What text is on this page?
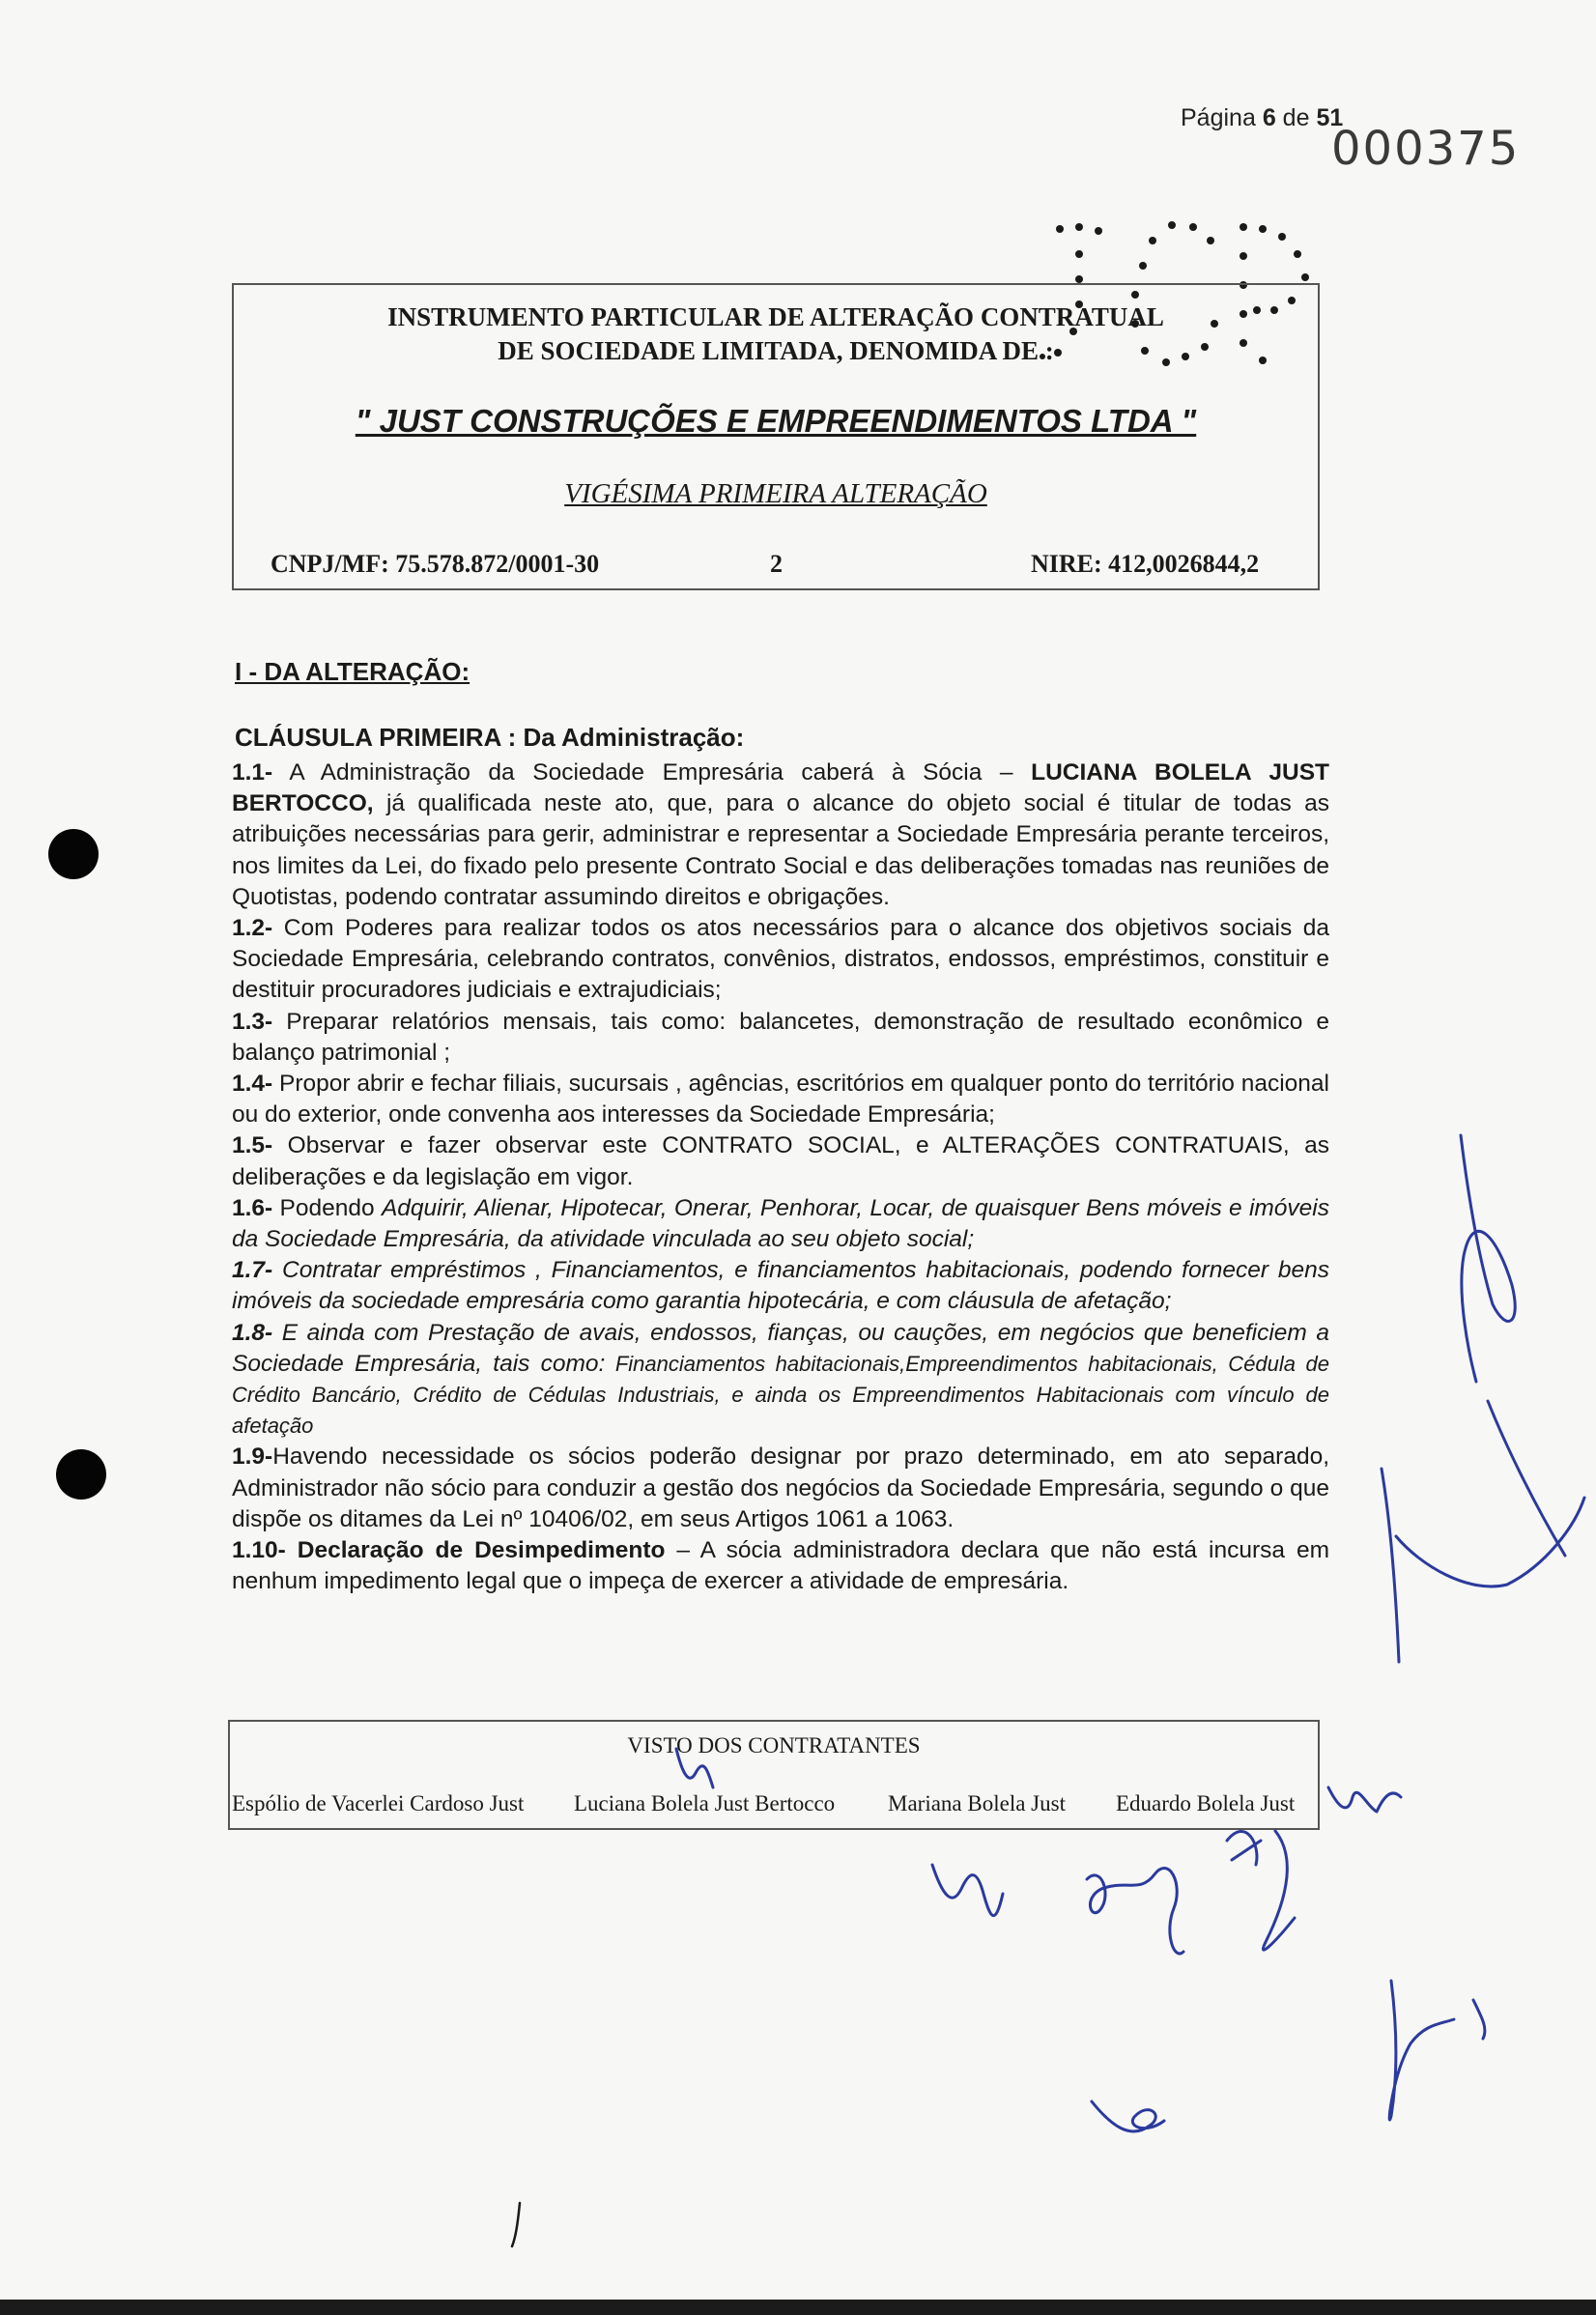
Página 6 de 51
000375
INSTRUMENTO PARTICULAR DE ALTERAÇÃO CONTRATUAL
DE SOCIEDADE LIMITADA, DENOMIDA DE :
" JUST CONSTRUÇÕES E EMPREENDIMENTOS LTDA "
VIGÉSIMA PRIMEIRA ALTERAÇÃO
CNPJ/MF: 75.578.872/0001-30	2	NIRE: 412,0026844,2
I - DA ALTERAÇÃO:
CLÁUSULA PRIMEIRA : Da Administração:

1.1- A Administração da Sociedade Empresária caberá à Sócia – LUCIANA BOLELA JUST BERTOCCO, já qualificada neste ato, que, para o alcance do objeto social é titular de todas as atribuições necessárias para gerir, administrar e representar a Sociedade Empresária perante terceiros, nos limites da Lei, do fixado pelo presente Contrato Social e das deliberações tomadas nas reuniões de Quotistas, podendo contratar assumindo direitos e obrigações.

1.2- Com Poderes para realizar todos os atos necessários para o alcance dos objetivos sociais da Sociedade Empresária, celebrando contratos, convênios, distratos, endossos, empréstimos, constituir e destituir procuradores judiciais e extrajudiciais;

1.3- Preparar relatórios mensais, tais como: balancetes, demonstração de resultado econômico e balanço patrimonial ;

1.4- Propor abrir e fechar filiais, sucursais , agências, escritórios em qualquer ponto do território nacional ou do exterior, onde convenha aos interesses da Sociedade Empresária;

1.5- Observar e fazer observar este CONTRATO SOCIAL, e ALTERAÇÕES CONTRATUAIS, as deliberações e da legislação em vigor.

1.6- Podendo Adquirir, Alienar, Hipotecar, Onerar, Penhorar, Locar, de quaisquer Bens móveis e imóveis da Sociedade Empresária, da atividade vinculada ao seu objeto social;

1.7- Contratar empréstimos , Financiamentos, e financiamentos habitacionais, podendo fornecer bens imóveis da sociedade empresária como garantia hipotecária, e com cláusula de afetação;

1.8- E ainda com Prestação de avais, endossos, fianças, ou cauções, em negócios que beneficiem a Sociedade Empresária, tais como: Financiamentos habitacionais,Empreendimentos habitacionais, Cédula de Crédito Bancário, Crédito de Cédulas Industriais, e ainda os Empreendimentos Habitacionais com vínculo de afetação

1.9-Havendo necessidade os sócios poderão designar por prazo determinado, em ato separado, Administrador não sócio para conduzir a gestão dos negócios da Sociedade Empresária, segundo o que dispõe os ditames da Lei nº 10406/02, em seus Artigos 1061 a 1063.

1.10- Declaração de Desimpedimento – A sócia administradora declara que não está incursa em nenhum impedimento legal que o impeça de exercer a atividade de empresária.

VISTO DOS CONTRATANTES
Espólio de Vacerlei Cardoso Just Luciana Bolela Just Bertocco Mariana Bolela Just Eduardo Bolela Just
